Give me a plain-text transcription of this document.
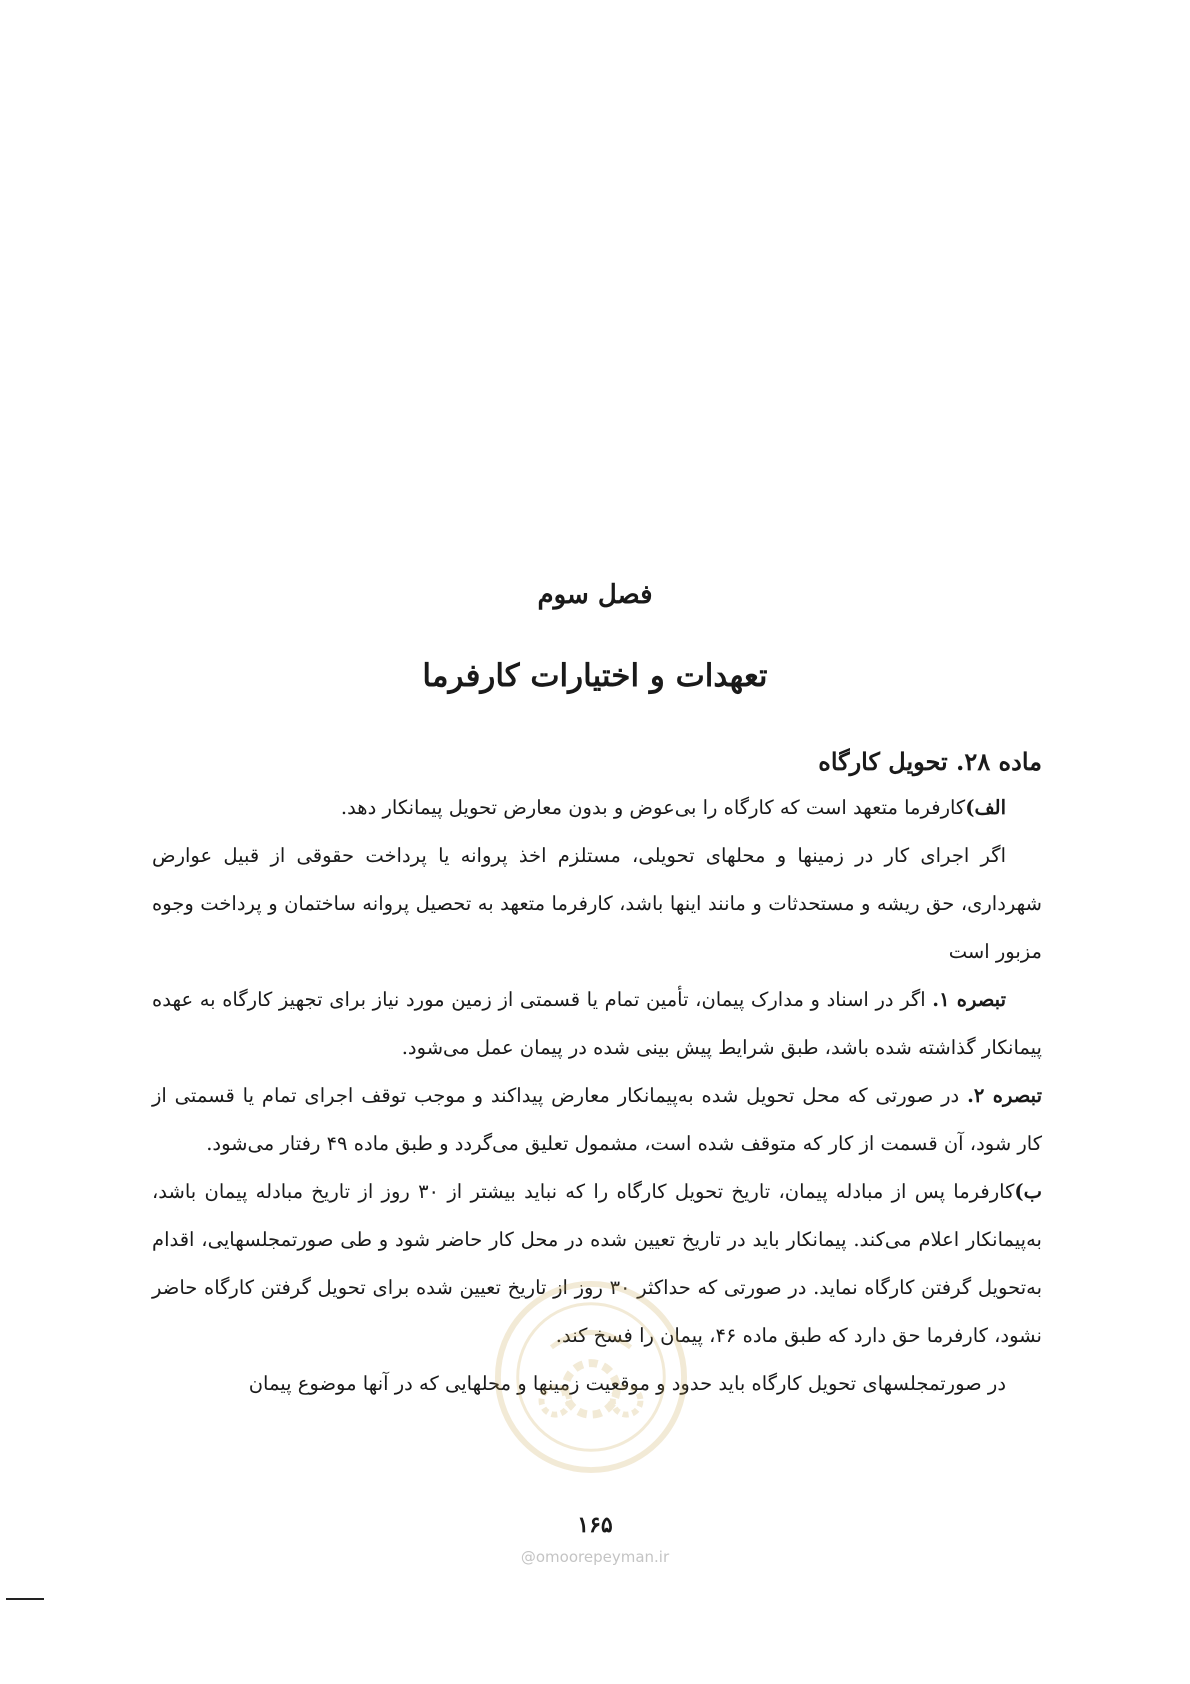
فصل سوم
تعهدات و اختیارات کارفرما

ماده ۲۸. تحویل کارگاه

الف)کارفرما متعهد است که کارگاه را بی‌عوض و بدون معارض تحویل پیمانکار دهد.

اگر اجرای کار در زمینها و محلهای تحویلی، مستلزم اخذ پروانه یا پرداخت حقوقی از قبیل عوارض شهرداری، حق ریشه و مستحدثات و مانند اینها باشد، کارفرما متعهد به تحصیل پروانه ساختمان و پرداخت وجوه مزبور است

تبصره ۱. اگر در اسناد و مدارک پیمان، تأمین تمام یا قسمتی از زمین مورد نیاز برای تجهیز کارگاه به عهده پیمانکار گذاشته شده باشد، طبق شرایط پیش بینی شده در پیمان عمل می‌شود.

تبصره ۲. در صورتی که محل تحویل شده به‌پیمانکار معارض پیداکند و موجب توقف اجرای تمام یا قسمتی از کار شود، آن قسمت از کار که متوقف شده است، مشمول تعلیق می‌گردد و طبق ماده ۴۹ رفتار می‌شود.

ب)کارفرما پس از مبادله پیمان، تاریخ تحویل کارگاه را که نباید بیشتر از ۳۰ روز از تاریخ مبادله پیمان باشد، به‌پیمانکار اعلام می‌کند. پیمانکار باید در تاریخ تعیین شده در محل کار حاضر شود و طی صورتمجلسهایی، اقدام به‌تحویل گرفتن کارگاه نماید. در صورتی که حداکثر ۳۰ روز از تاریخ تعیین شده برای تحویل گرفتن کارگاه حاضر نشود، کارفرما حق دارد که طبق ماده ۴۶، پیمان را فسخ کند.

در صورتمجلسهای تحویل کارگاه باید حدود و موقعیت زمینها و محلهایی که در آنها موضوع پیمان

۱۶۵
@omoorepeyman.ir
